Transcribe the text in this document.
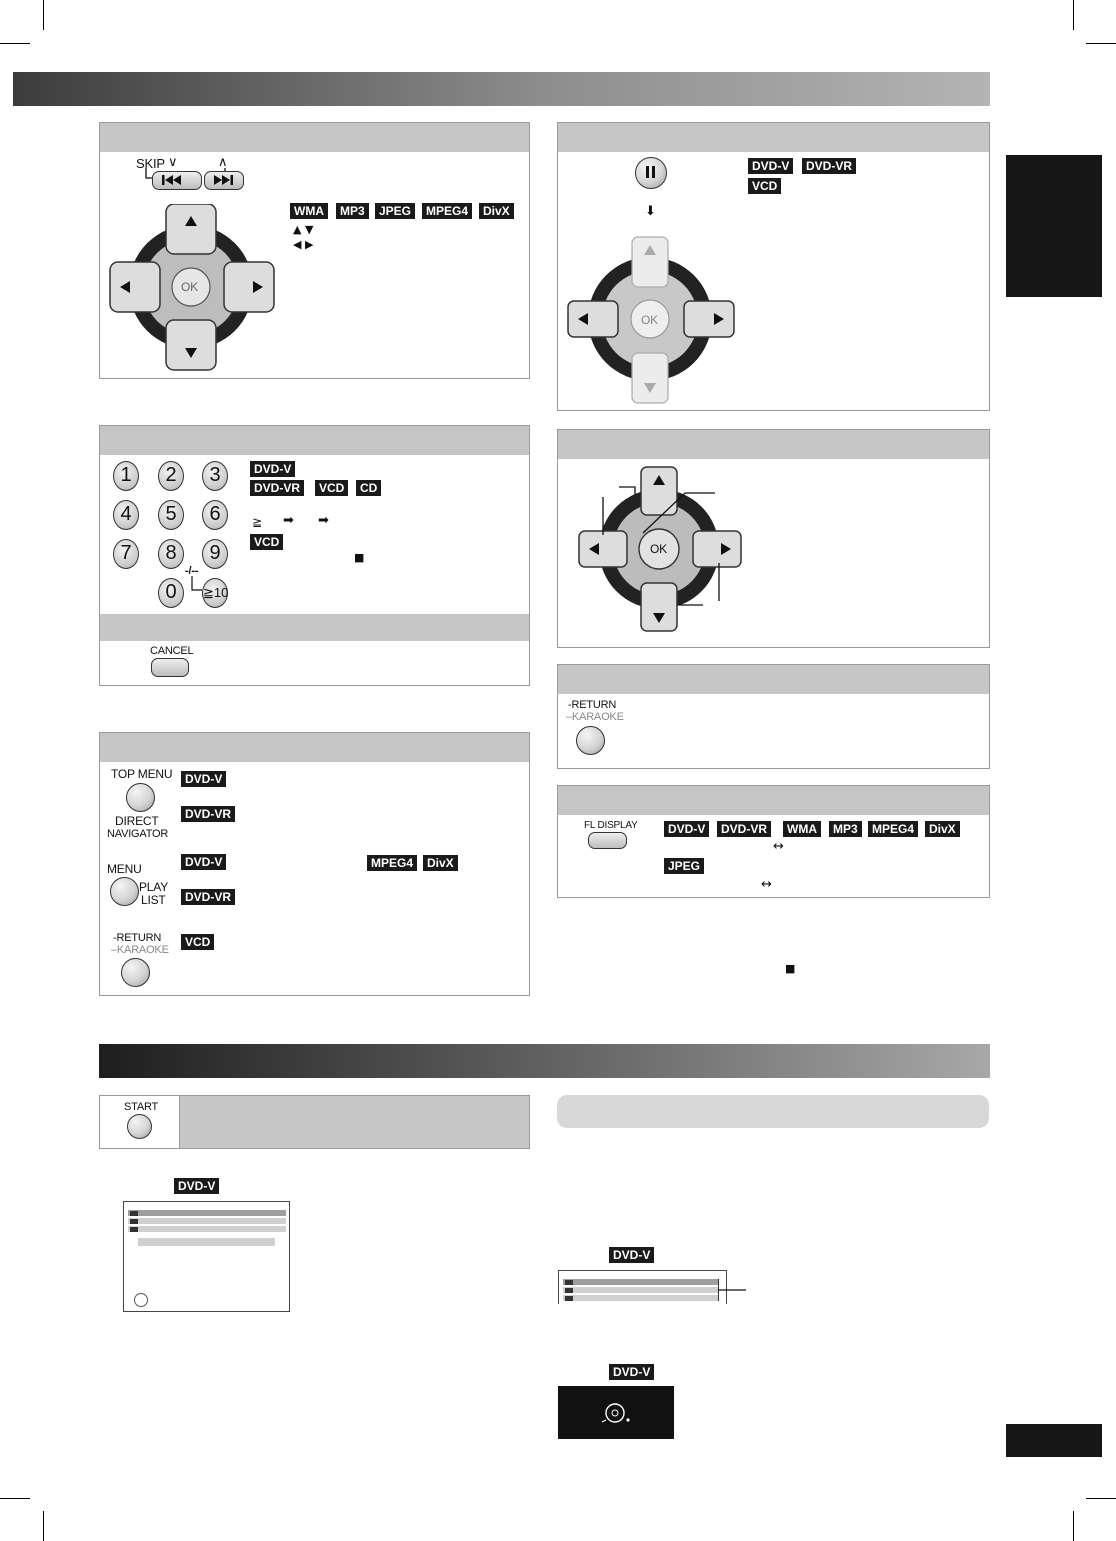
SKIP ∨	∧
OK
WMA	MP3	JPEG	MPEG4	DivX
▲ ▼
◀ ▶
⬇
DVD-V	DVD-VR
VCD
OK
1	2	3
4	5	6
7	8	9
0	≧10
-/--
DVD-V
DVD-VR	VCD	CD
≧ ➡ ➡
VCD
■
CANCEL
OK
-RETURN
–KARAOKE
FL DISPLAY	DVD-V	DVD-VR	WMA	MP3	MPEG4	DivX
↔
JPEG
↔
■
TOP MENU
DIRECT
NAVIGATOR
MENU
PLAY
LIST
-RETURN
–KARAOKE
DVD-V
DVD-VR
DVD-V	MPEG4	DivX
DVD-VR
VCD
START
DVD-V
DVD-V
DVD-V
